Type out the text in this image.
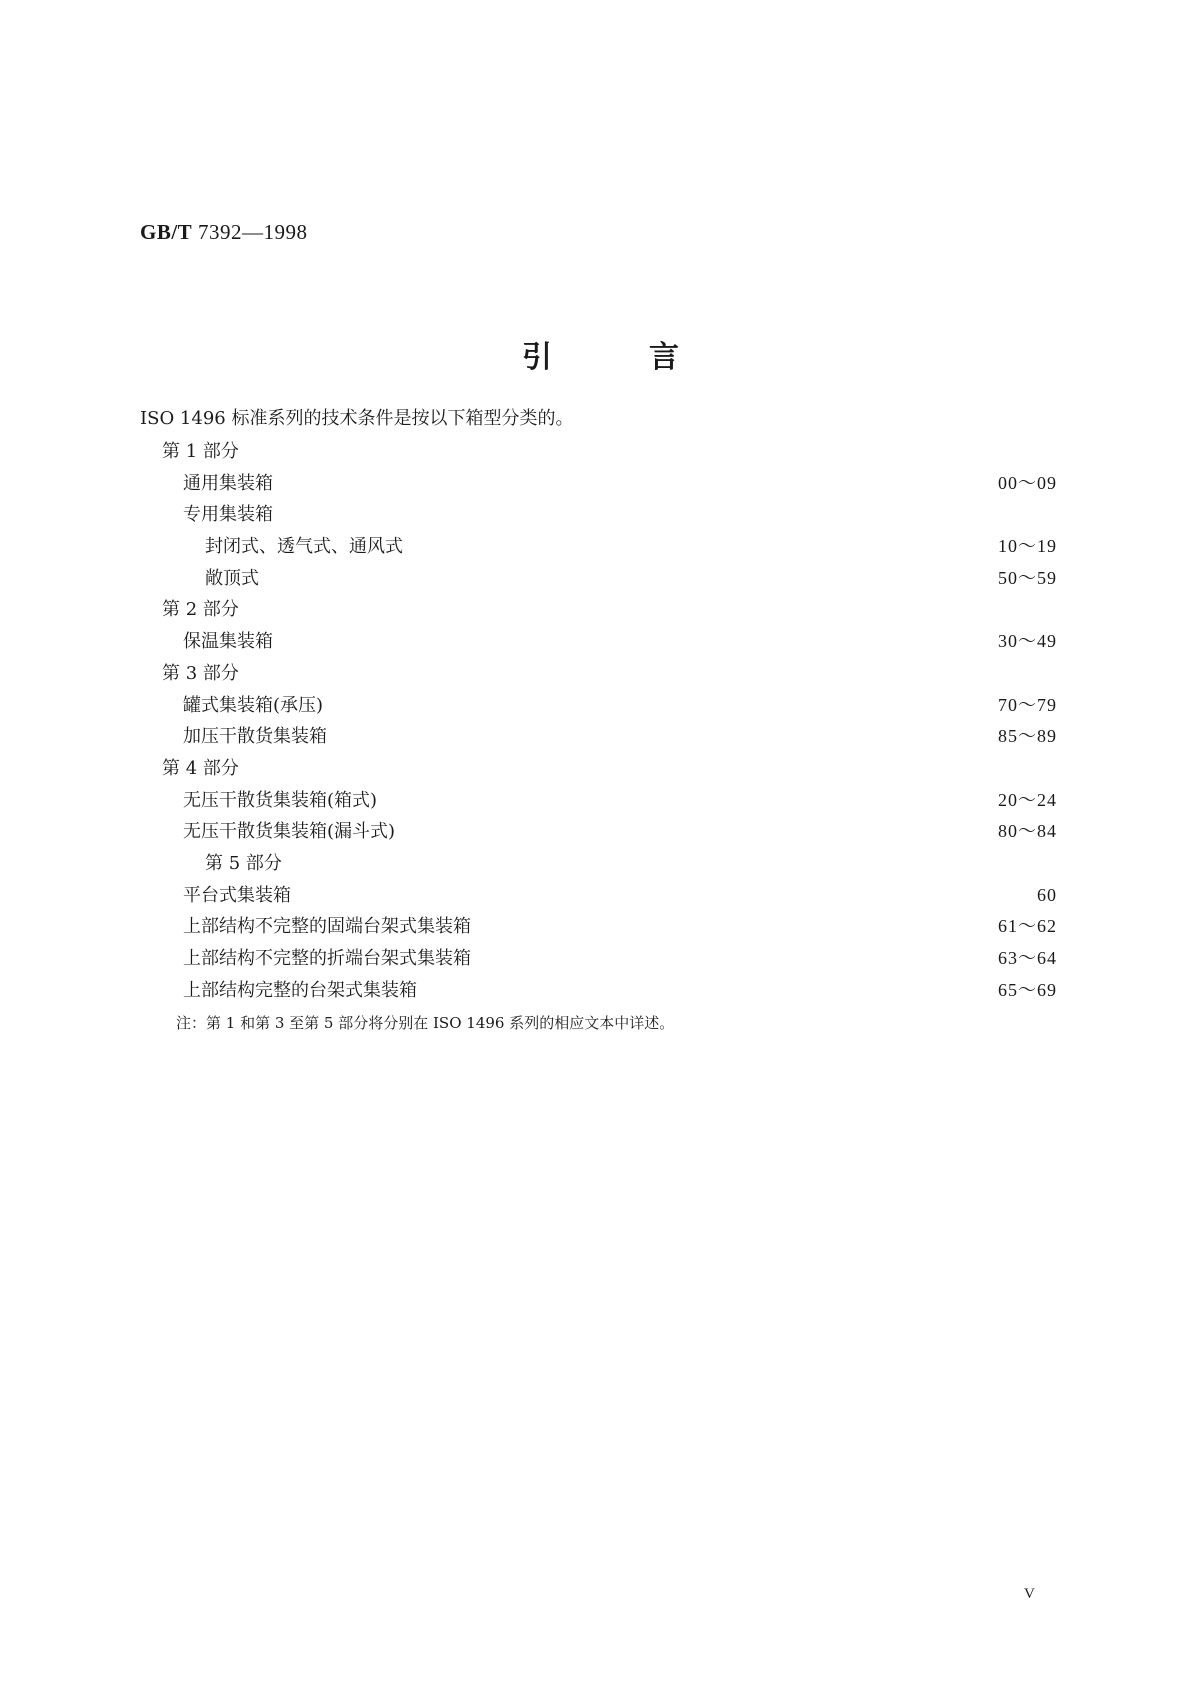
GB/T 7392—1998
引	言
ISO 1496 标准系列的技术条件是按以下箱型分类的。
第 1 部分
通用集装箱	00～09
专用集装箱
封闭式、透气式、通风式	10～19
敞顶式	50～59
第 2 部分
保温集装箱	30～49
第 3 部分
罐式集装箱(承压)	70～79
加压干散货集装箱	85～89
第 4 部分
无压干散货集装箱(箱式)	20～24
无压干散货集装箱(漏斗式)	80～84
第 5 部分
平台式集装箱	60
上部结构不完整的固端台架式集装箱	61～62
上部结构不完整的折端台架式集装箱	63～64
上部结构完整的台架式集装箱	65～69
注：第 1 和第 3 至第 5 部分将分别在 ISO 1496 系列的相应文本中详述。
V
